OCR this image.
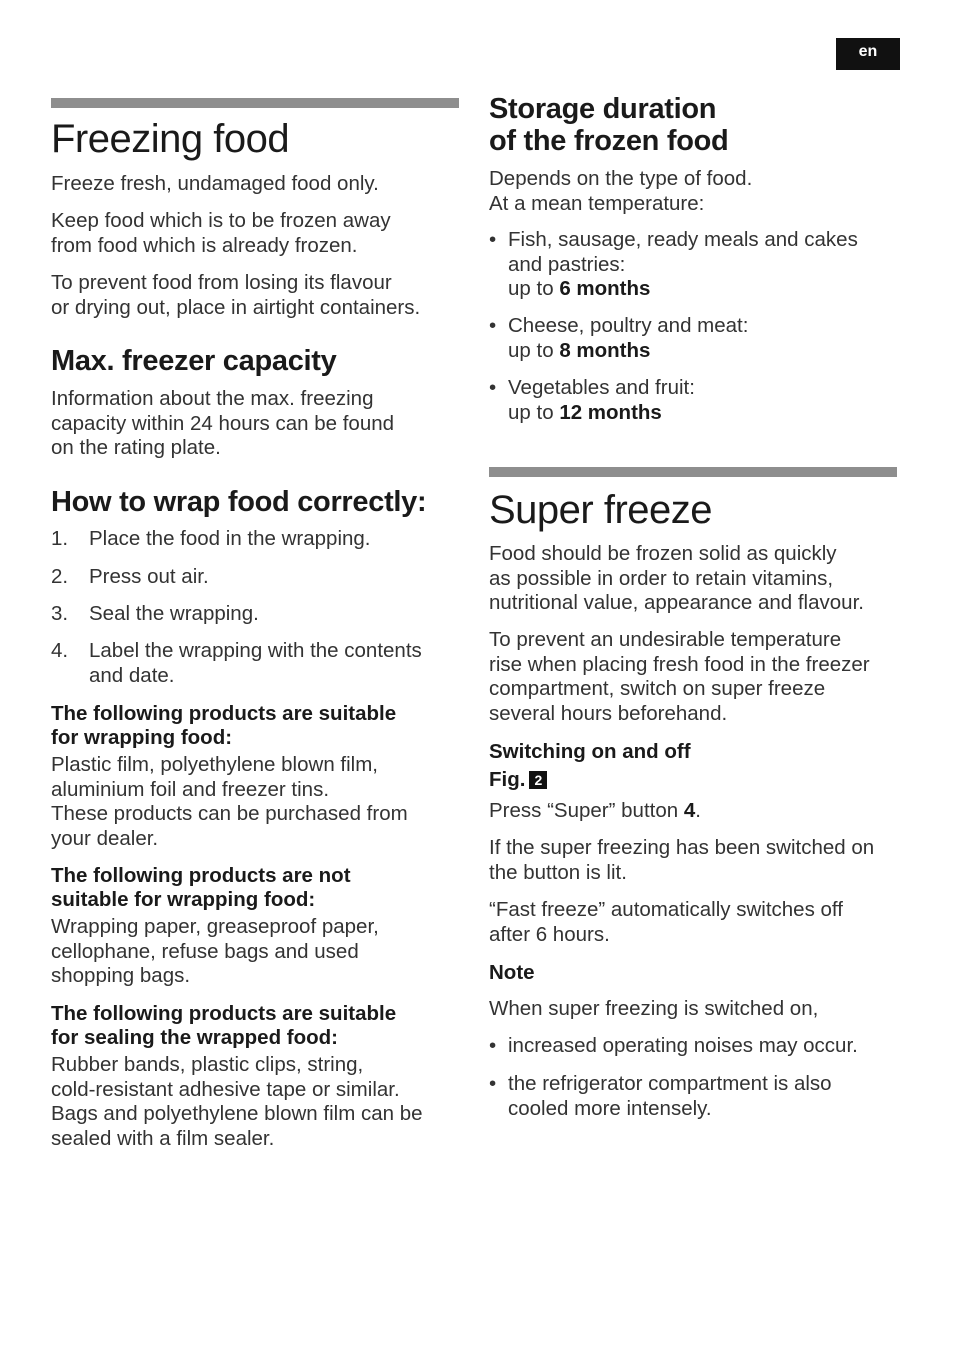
en
Freezing food
Freeze fresh, undamaged food only.
Keep food which is to be frozen away
from food which is already frozen.
To prevent food from losing its flavour
or drying out, place in airtight containers.
Max. freezer capacity
Information about the max. freezing
capacity within 24 hours can be found
on the rating plate.
How to wrap food correctly:
1. Place the food in the wrapping.
2. Press out air.
3. Seal the wrapping.
4. Label the wrapping with the contents
and date.
The following products are suitable
for wrapping food:
Plastic film, polyethylene blown film,
aluminium foil and freezer tins.
These products can be purchased from
your dealer.
The following products are not
suitable for wrapping food:
Wrapping paper, greaseproof paper,
cellophane, refuse bags and used
shopping bags.
The following products are suitable
for sealing the wrapped food:
Rubber bands, plastic clips, string,
cold-resistant adhesive tape or similar.
Bags and polyethylene blown film can be
sealed with a film sealer.
Storage duration
of the frozen food
Depends on the type of food.
At a mean temperature:
• Fish, sausage, ready meals and cakes
and pastries:
up to 6 months
• Cheese, poultry and meat:
up to 8 months
• Vegetables and fruit:
up to 12 months
Super freeze
Food should be frozen solid as quickly
as possible in order to retain vitamins,
nutritional value, appearance and flavour.
To prevent an undesirable temperature
rise when placing fresh food in the freezer
compartment, switch on super freeze
several hours beforehand.
Switching on and off
Fig. 2
Press “Super” button 4.
If the super freezing has been switched on
the button is lit.
“Fast freeze” automatically switches off
after 6 hours.
Note
When super freezing is switched on,
• increased operating noises may occur.
• the refrigerator compartment is also
cooled more intensely.
